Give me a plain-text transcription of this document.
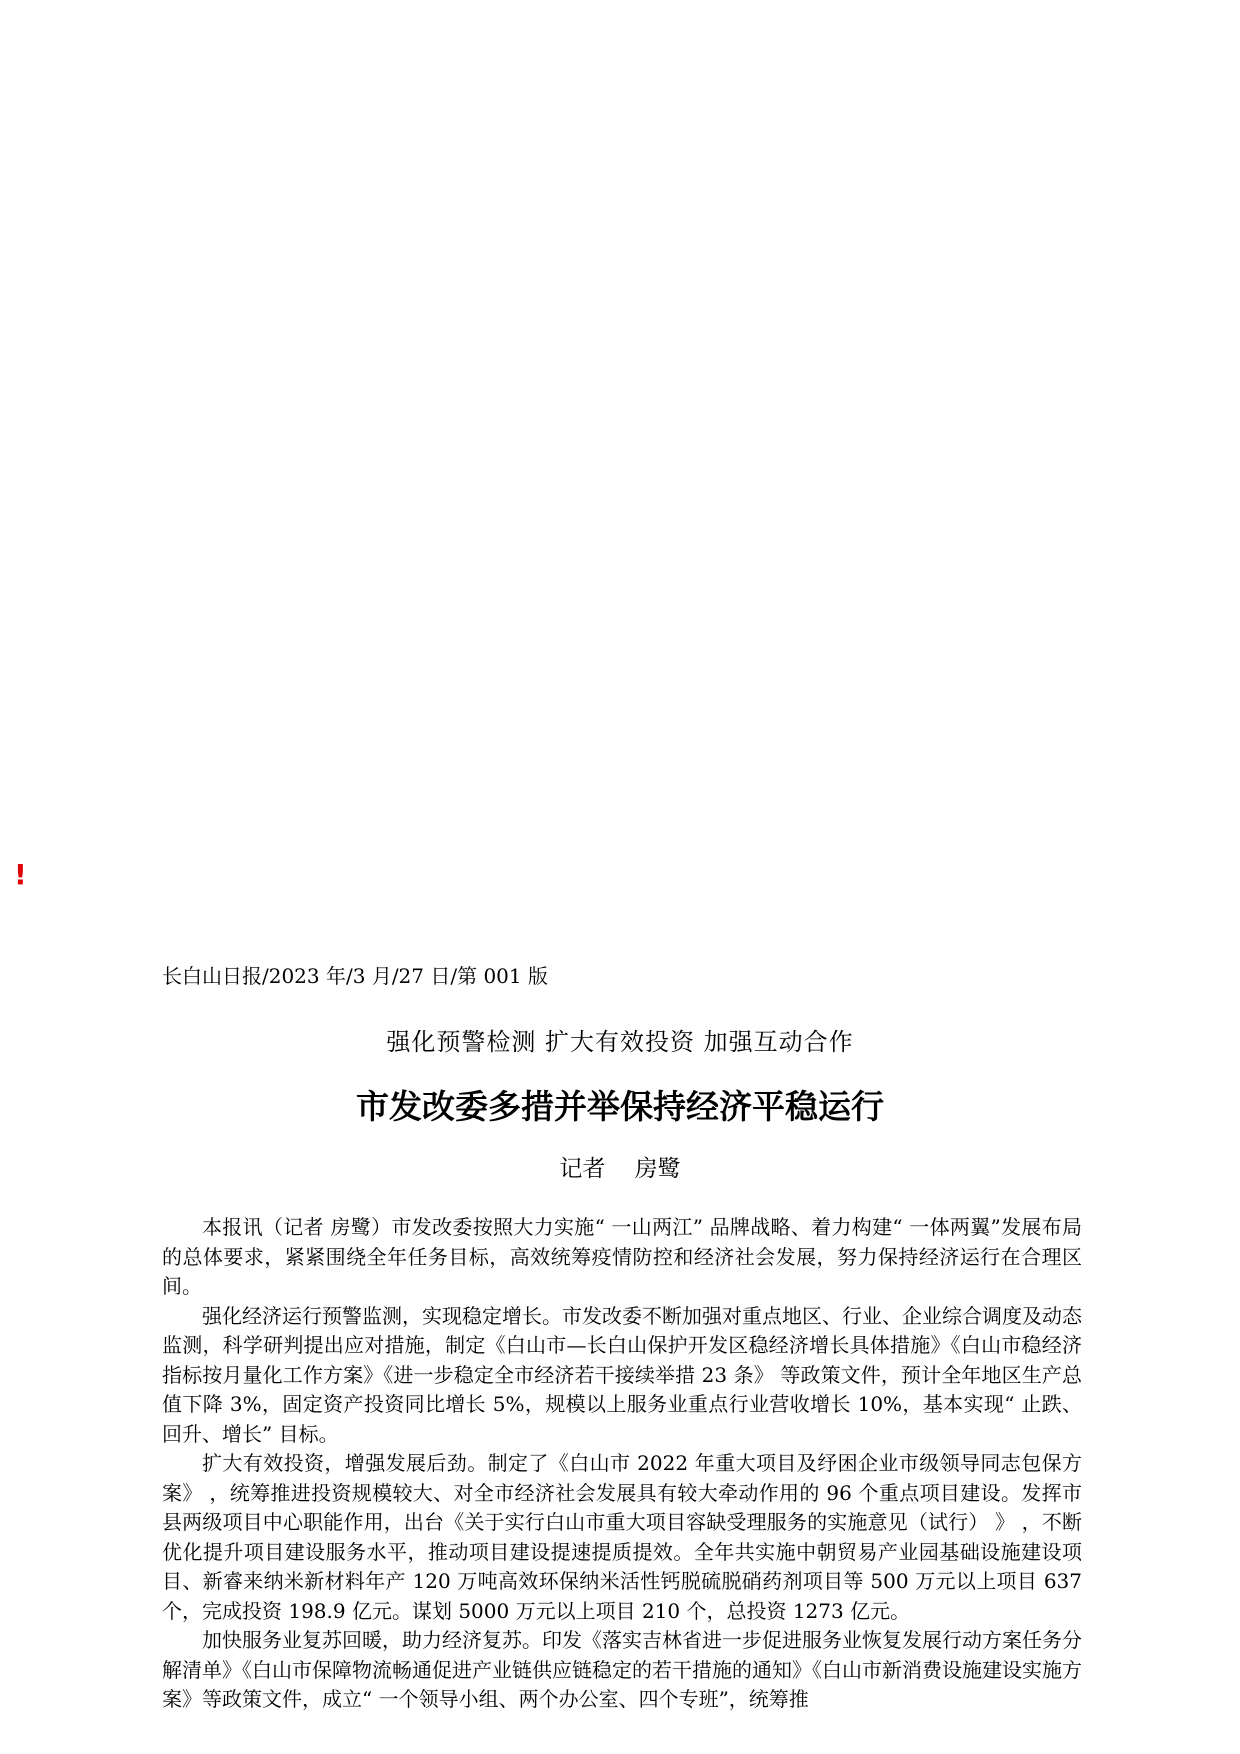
!
长白山日报/2023 年/3 月/27 日/第 001 版
强化预警检测 扩大有效投资 加强互动合作
市发改委多措并举保持经济平稳运行
记者    房鹭

本报讯（记者 房鹭）市发改委按照大力实施“ 一山两江” 品牌战略、着力构建“ 一体两翼”发展布局的总体要求，紧紧围绕全年任务目标，高效统筹疫情防控和经济社会发展，努力保持经济运行在合理区间。

强化经济运行预警监测，实现稳定增长。市发改委不断加强对重点地区、行业、企业综合调度及动态监测，科学研判提出应对措施，制定《白山市—长白山保护开发区稳经济增长具体措施》《白山市稳经济指标按月量化工作方案》《进一步稳定全市经济若干接续举措 23 条》 等政策文件，预计全年地区生产总值下降 3%，固定资产投资同比增长 5%，规模以上服务业重点行业营收增长 10%，基本实现“ 止跌、回升、增长” 目标。

扩大有效投资，增强发展后劲。制定了《白山市 2022 年重大项目及纾困企业市级领导同志包保方案》 ，统筹推进投资规模较大、对全市经济社会发展具有较大牵动作用的 96 个重点项目建设。发挥市县两级项目中心职能作用，出台《关于实行白山市重大项目容缺受理服务的实施意见（试行） 》 ，不断优化提升项目建设服务水平，推动项目建设提速提质提效。全年共实施中朝贸易产业园基础设施建设项目、新睿来纳米新材料年产 120 万吨高效环保纳米活性钙脱硫脱硝药剂项目等 500 万元以上项目 637 个，完成投资 198.9 亿元。谋划 5000 万元以上项目 210 个，总投资 1273 亿元。

加快服务业复苏回暖，助力经济复苏。印发《落实吉林省进一步促进服务业恢复发展行动方案任务分解清单》《白山市保障物流畅通促进产业链供应链稳定的若干措施的通知》《白山市新消费设施建设实施方案》等政策文件，成立“ 一个领导小组、两个办公室、四个专班”，统筹推
